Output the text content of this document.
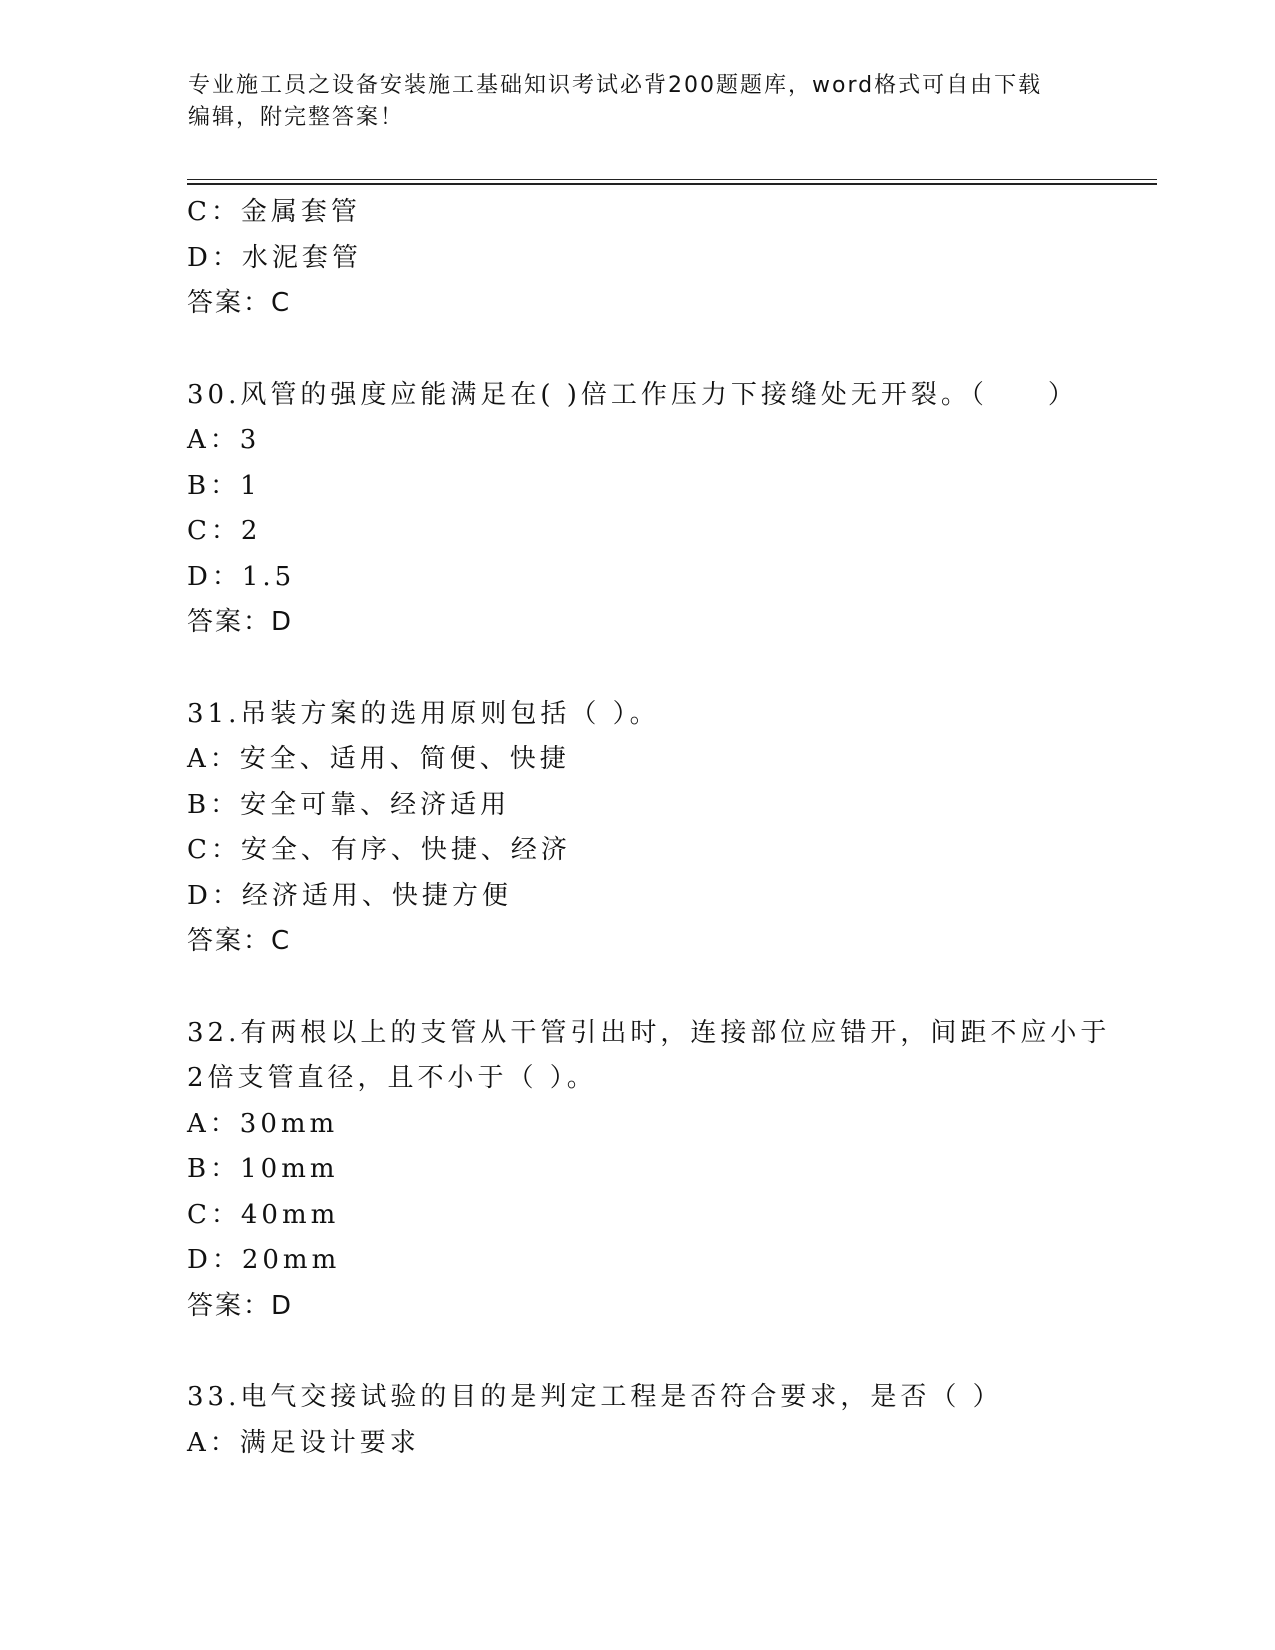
专业施工员之设备安装施工基础知识考试必背200题题库，word格式可自由下载
编辑，附完整答案！
C：金属套管
D：水泥套管
答案：C
30.风管的强度应能满足在( )倍工作压力下接缝处无开裂。（　　）
A：3
B：1
C：2
D：1.5
答案：D
31.吊装方案的选用原则包括（ ）。
A：安全、适用、简便、快捷
B：安全可靠、经济适用
C：安全、有序、快捷、经济
D：经济适用、快捷方便
答案：C
32.有两根以上的支管从干管引出时，连接部位应错开，间距不应小于
2倍支管直径，且不小于（ ）。
A：30mm
B：10mm
C：40mm
D：20mm
答案：D
33.电气交接试验的目的是判定工程是否符合要求，是否（ ）
A：满足设计要求
